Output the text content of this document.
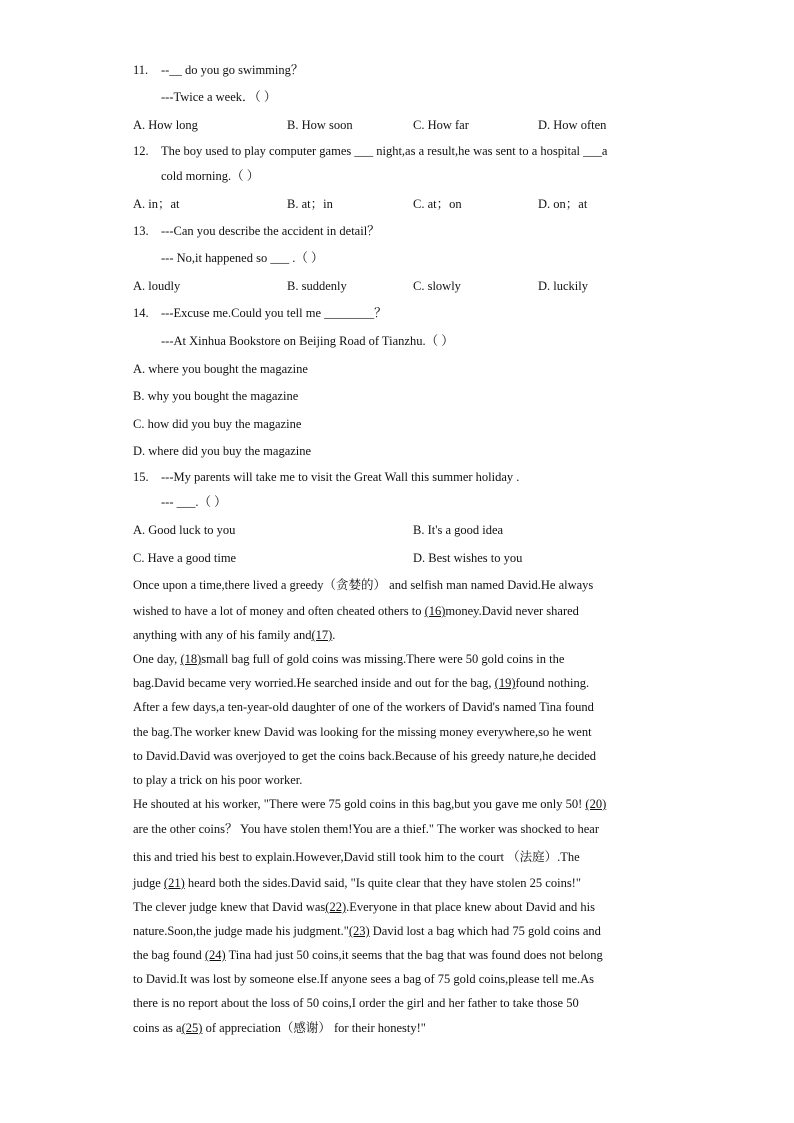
11. --__ do you go swimming？
---Twice a week．（ ）
A. How long	B. How soon	C. How far	D. How often
12. The boy used to play computer games ___ night,as a result,he was sent to a hospital ___a
cold morning.（ ）
A. in；at	B. at；in	C. at；on	D. on；at
13. ---Can you describe the accident in detail？
--- No,it happened so ___ .（ ）
A. loudly	B. suddenly	C. slowly	D. luckily
14. ---Excuse me.Could you tell me ________？
---At Xinhua Bookstore on Beijing Road of Tianzhu.（ ）
A. where you bought the magazine
B. why you bought the magazine
C. how did you buy the magazine
D. where did you buy the magazine
15. ---My parents will take me to visit the Great Wall this summer holiday .
--- ___.（ ）
A. Good luck to you	B. It's a good idea
C. Have a good time	D. Best wishes to you
Once upon a time,there lived a greedy（贪婪的） and selfish man named David.He always
wished to have a lot of money and often cheated others to (16)money.David never shared
anything with any of his family and(17).
One day, (18)small bag full of gold coins was missing.There were 50 gold coins in the
bag.David became very worried.He searched inside and out for the bag, (19)found nothing.
After a few days,a ten-year-old daughter of one of the workers of David's named Tina found
the bag.The worker knew David was looking for the missing money everywhere,so he went
to David.David was overjoyed to get the coins back.Because of his greedy nature,he decided
to play a trick on his poor worker.
He shouted at his worker, "There were 75 gold coins in this bag,but you gave me only 50! (20)
are the other coins？ You have stolen them!You are a thief." The worker was shocked to hear
this and tried his best to explain.However,David still took him to the court （法庭）.The
judge (21) heard both the sides.David said, "Is quite clear that they have stolen 25 coins!"
The clever judge knew that David was(22).Everyone in that place knew about David and his
nature.Soon,the judge made his judgment."(23) David lost a bag which had 75 gold coins and
the bag found (24) Tina had just 50 coins,it seems that the bag that was found does not belong
to David.It was lost by someone else.If anyone sees a bag of 75 gold coins,please tell me.As
there is no report about the loss of 50 coins,I order the girl and her father to take those 50
coins as a(25) of appreciation（感谢） for their honesty!"
